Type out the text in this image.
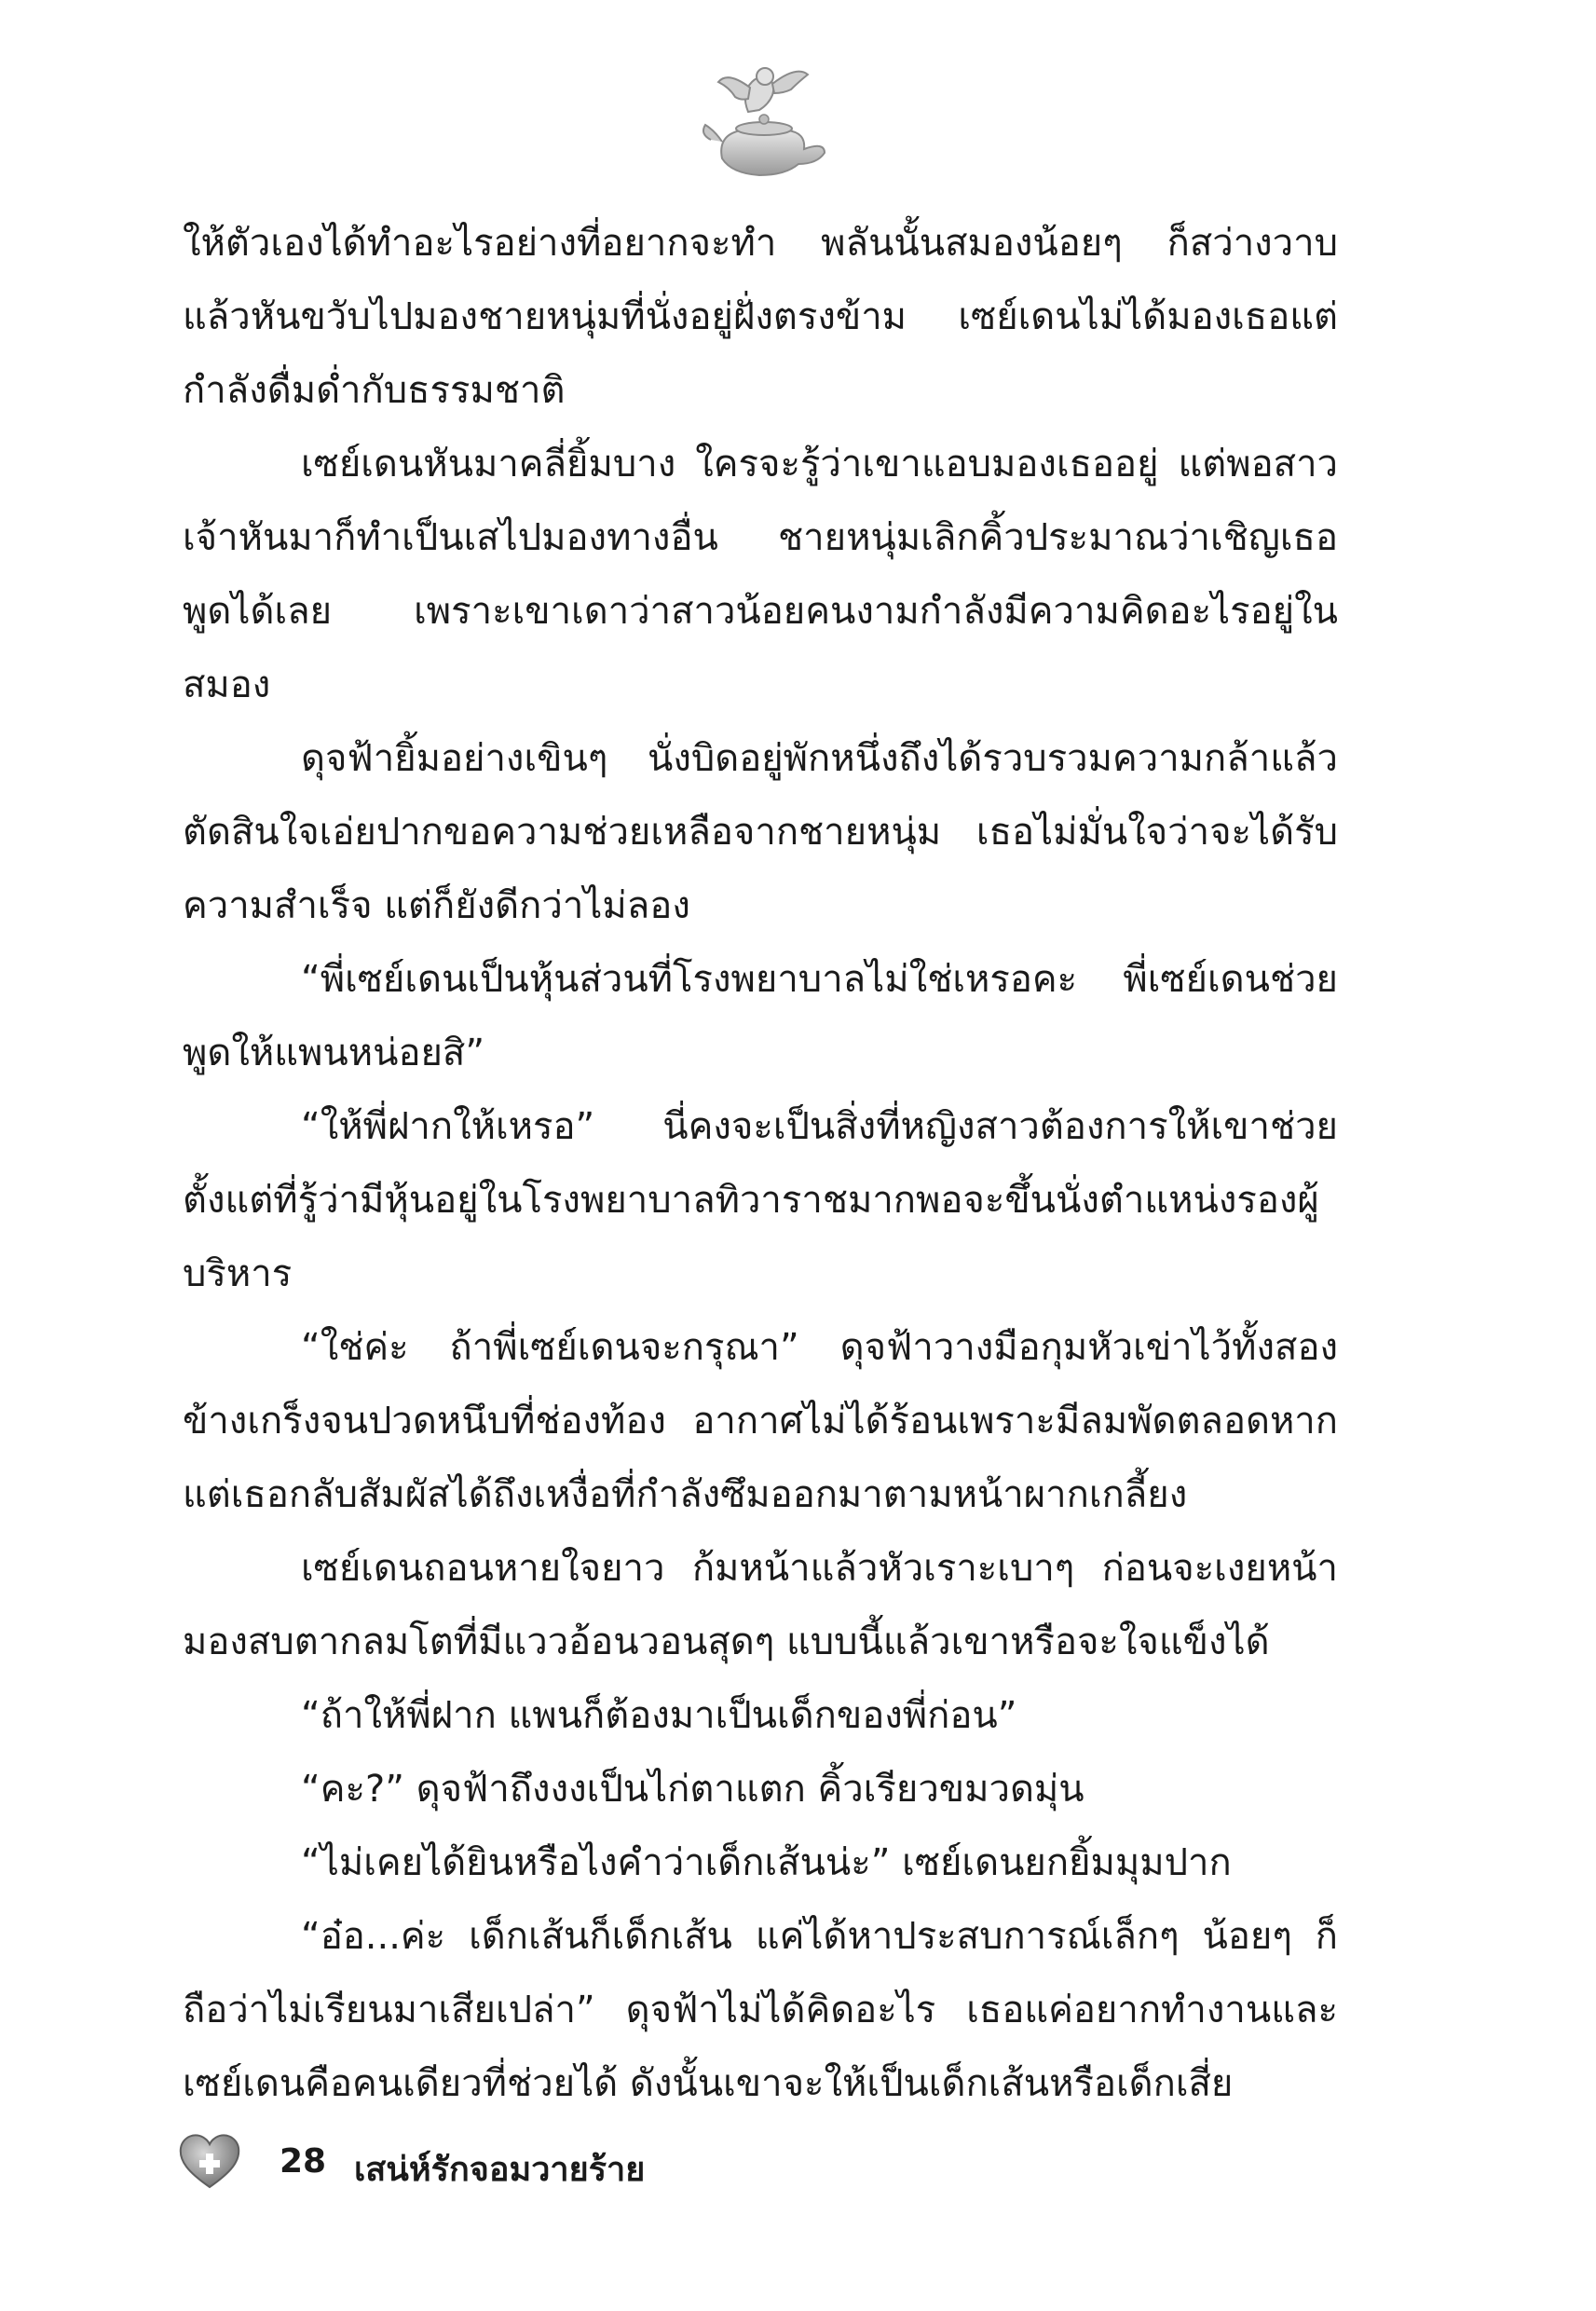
ให้ตัวเองได้ทำอะไรอย่างที่อยากจะทำ พลันนั้นสมองน้อยๆ ก็สว่างวาบแล้วหันขวับไปมองชายหนุ่มที่นั่งอยู่ฝั่งตรงข้าม เซย์เดนไม่ได้มองเธอแต่กำลังดื่มด่ำกับธรรมชาติ

เซย์เดนหันมาคลี่ยิ้มบาง ใครจะรู้ว่าเขาแอบมองเธออยู่ แต่พอสาวเจ้าหันมาก็ทำเป็นเสไปมองทางอื่น ชายหนุ่มเลิกคิ้วประมาณว่าเชิญเธอพูดได้เลย เพราะเขาเดาว่าสาวน้อยคนงามกำลังมีความคิดอะไรอยู่ในสมอง

ดุจฟ้ายิ้มอย่างเขินๆ นั่งบิดอยู่พักหนึ่งถึงได้รวบรวมความกล้าแล้วตัดสินใจเอ่ยปากขอความช่วยเหลือจากชายหนุ่ม เธอไม่มั่นใจว่าจะได้รับความสำเร็จ แต่ก็ยังดีกว่าไม่ลอง

“พี่เซย์เดนเป็นหุ้นส่วนที่โรงพยาบาลไม่ใช่เหรอคะ พี่เซย์เดนช่วยพูดให้แพนหน่อยสิ”

“ให้พี่ฝากให้เหรอ” นี่คงจะเป็นสิ่งที่หญิงสาวต้องการให้เขาช่วยตั้งแต่ที่รู้ว่ามีหุ้นอยู่ในโรงพยาบาลทิวาราชมากพอจะขึ้นนั่งตำแหน่งรองผู้บริหาร

“ใช่ค่ะ ถ้าพี่เซย์เดนจะกรุณา” ดุจฟ้าวางมือกุมหัวเข่าไว้ทั้งสองข้างเกร็งจนปวดหนึบที่ช่องท้อง อากาศไม่ได้ร้อนเพราะมีลมพัดตลอดหากแต่เธอกลับสัมผัสได้ถึงเหงื่อที่กำลังซึมออกมาตามหน้าผากเกลี้ยง

เซย์เดนถอนหายใจยาว ก้มหน้าแล้วหัวเราะเบาๆ ก่อนจะเงยหน้ามองสบตากลมโตที่มีแววอ้อนวอนสุดๆ แบบนี้แล้วเขาหรือจะใจแข็งได้

“ถ้าให้พี่ฝาก แพนก็ต้องมาเป็นเด็กของพี่ก่อน”

“คะ?” ดุจฟ้าถึงงงเป็นไก่ตาแตก คิ้วเรียวขมวดมุ่น

“ไม่เคยได้ยินหรือไงคำว่าเด็กเส้นน่ะ” เซย์เดนยกยิ้มมุมปาก

“อ๋อ...ค่ะ เด็กเส้นก็เด็กเส้น แค่ได้หาประสบการณ์เล็กๆ น้อยๆ ก็ถือว่าไม่เรียนมาเสียเปล่า” ดุจฟ้าไม่ได้คิดอะไร เธอแค่อยากทำงานและเซย์เดนคือคนเดียวที่ช่วยได้ ดังนั้นเขาจะให้เป็นเด็กเส้นหรือเด็กเสี่ย

28 เสน่ห์รักจอมวายร้าย
